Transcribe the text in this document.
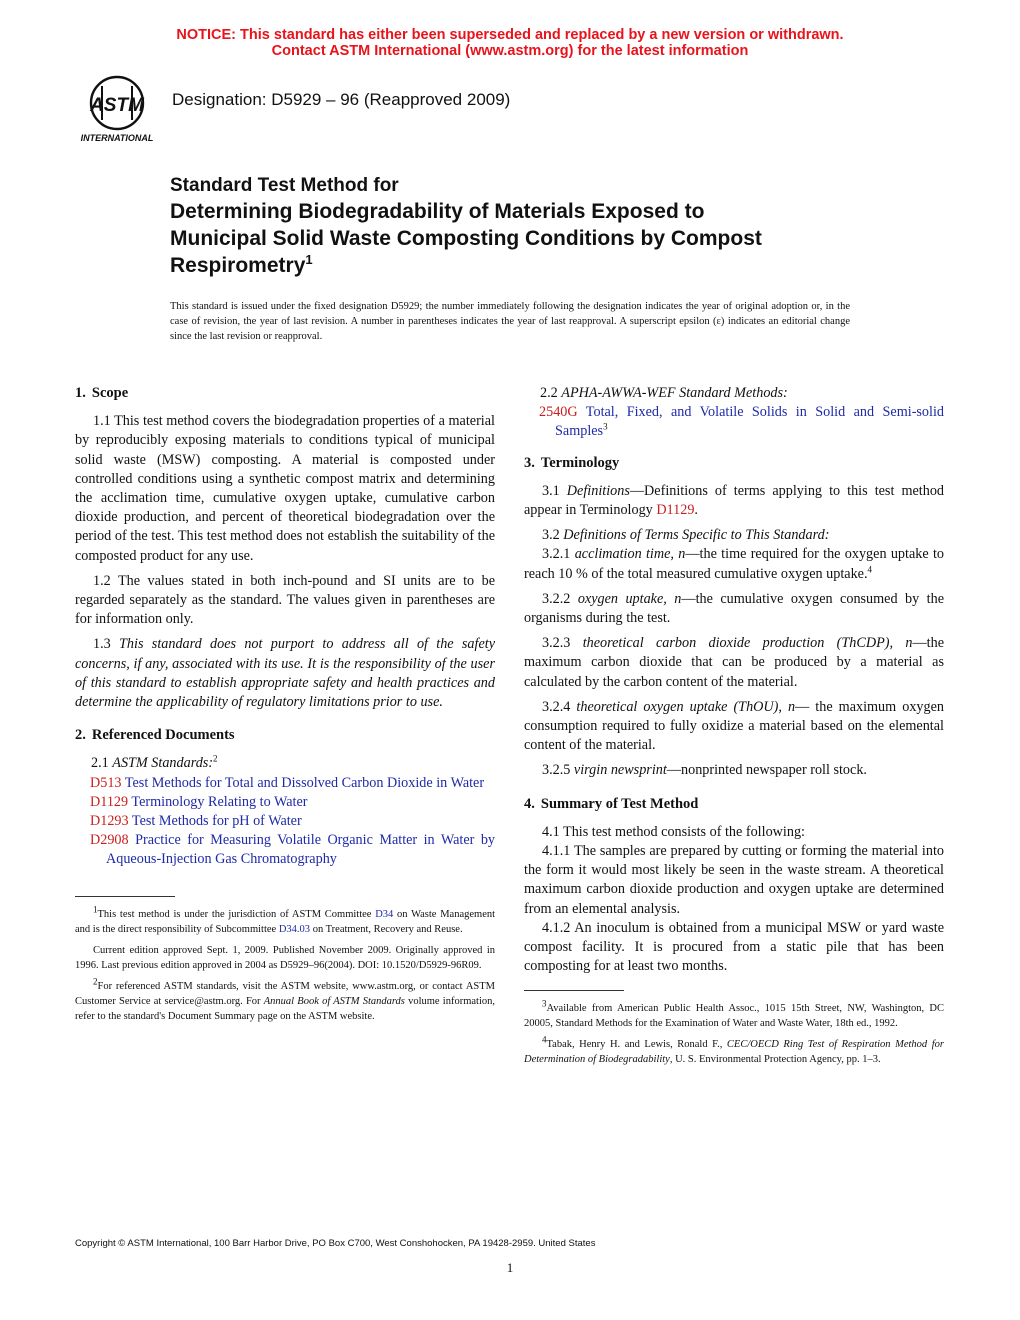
NOTICE: This standard has either been superseded and replaced by a new version or withdrawn.
Contact ASTM International (www.astm.org) for the latest information
ASTM
INTERNATIONAL
Designation: D5929 – 96 (Reapproved 2009)
Standard Test Method for
Determining Biodegradability of Materials Exposed to
Municipal Solid Waste Composting Conditions by Compost
Respirometry$^1$
This standard is issued under the fixed designation D5929; the number immediately following the designation indicates the year of original adoption or, in the case of revision, the year of last revision. A number in parentheses indicates the year of last reapproval. A superscript epsilon (ε) indicates an editorial change since the last revision or reapproval.
1. Scope

1.1 This test method covers the biodegradation properties of a material by reproducibly exposing materials to conditions typical of municipal solid waste (MSW) composting. A material is composted under controlled conditions using a synthetic compost matrix and determining the acclimation time, cumulative oxygen uptake, cumulative carbon dioxide production, and percent of theoretical biodegradation over the period of the test. This test method does not establish the suitability of the composted product for any use.

1.2 The values stated in both inch-pound and SI units are to be regarded separately as the standard. The values given in parentheses are for information only.

1.3 This standard does not purport to address all of the safety concerns, if any, associated with its use. It is the responsibility of the user of this standard to establish appropriate safety and health practices and determine the applicability of regulatory limitations prior to use.

2. Referenced Documents
2.1 ASTM Standards:$^2$
D513 Test Methods for Total and Dissolved Carbon Dioxide in Water
D1129 Terminology Relating to Water
D1293 Test Methods for pH of Water
D2908 Practice for Measuring Volatile Organic Matter in Water by Aqueous-Injection Gas Chromatography

$^1$This test method is under the jurisdiction of ASTM Committee D34 on Waste Management and is the direct responsibility of Subcommittee D34.03 on Treatment, Recovery and Reuse.

Current edition approved Sept. 1, 2009. Published November 2009. Originally approved in 1996. Last previous edition approved in 2004 as D5929–96(2004). DOI: 10.1520/D5929-96R09.

$^2$For referenced ASTM standards, visit the ASTM website, www.astm.org, or contact ASTM Customer Service at service@astm.org. For Annual Book of ASTM Standards volume information, refer to the standard's Document Summary page on the ASTM website.

2.2 APHA-AWWA-WEF Standard Methods:
2540G Total, Fixed, and Volatile Solids in Solid and Semi-solid Samples$^3$
3. Terminology

3.1 Definitions—Definitions of terms applying to this test method appear in Terminology D1129.

3.2 Definitions of Terms Specific to This Standard:

3.2.1 acclimation time, n—the time required for the oxygen uptake to reach 10 % of the total measured cumulative oxygen uptake.$^4$

3.2.2 oxygen uptake, n—the cumulative oxygen consumed by the organisms during the test.

3.2.3 theoretical carbon dioxide production (ThCDP), n—the maximum carbon dioxide that can be produced by a material as calculated by the carbon content of the material.

3.2.4 theoretical oxygen uptake (ThOU), n— the maximum oxygen consumption required to fully oxidize a material based on the elemental content of the material.

3.2.5 virgin newsprint—nonprinted newspaper roll stock.

4. Summary of Test Method

4.1 This test method consists of the following:

4.1.1 The samples are prepared by cutting or forming the material into the form it would most likely be seen in the waste stream. A theoretical maximum carbon dioxide production and oxygen uptake are determined from an elemental analysis.

4.1.2 An inoculum is obtained from a municipal MSW or yard waste compost facility. It is procured from a static pile that has been composting for at least two months.

$^3$Available from American Public Health Assoc., 1015 15th Street, NW, Washington, DC 20005, Standard Methods for the Examination of Water and Waste Water, 18th ed., 1992.

$^4$Tabak, Henry H. and Lewis, Ronald F., CEC/OECD Ring Test of Respiration Method for Determination of Biodegradability, U. S. Environmental Protection Agency, pp. 1–3.

Copyright © ASTM International, 100 Barr Harbor Drive, PO Box C700, West Conshohocken, PA 19428-2959. United States
1
